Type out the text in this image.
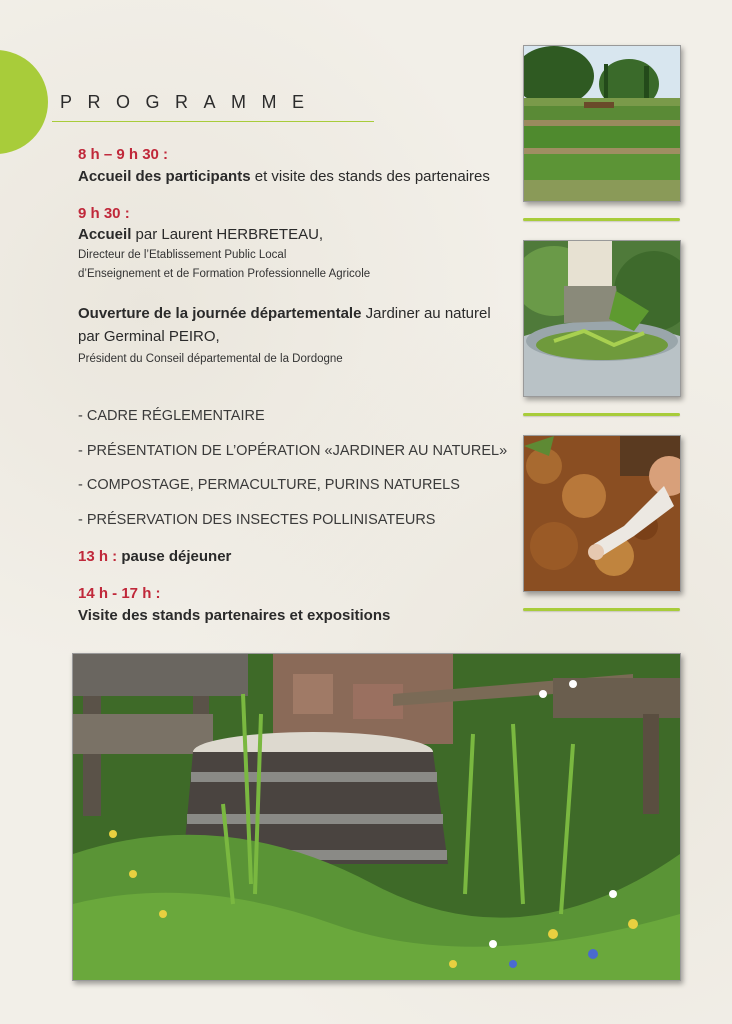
PROGRAMME
8 h – 9 h 30 :
Accueil des participants et visite des stands des partenaires
9 h 30 :
Accueil par Laurent HERBRETEAU,
Directeur de l’Etablissement Public Local
d’Enseignement et de Formation Professionnelle Agricole
Ouverture de la journée départementale Jardiner au naturel
par Germinal PEIRO,
Président du Conseil départemental de la Dordogne
- CADRE RÉGLEMENTAIRE
- PRÉSENTATION DE L’OPÉRATION «JARDINER AU NATUREL»
- COMPOSTAGE, PERMACULTURE, PURINS NATURELS
- PRÉSERVATION DES INSECTES POLLINISATEURS
13 h : pause déjeuner
14 h - 17 h :
Visite des stands partenaires et expositions
